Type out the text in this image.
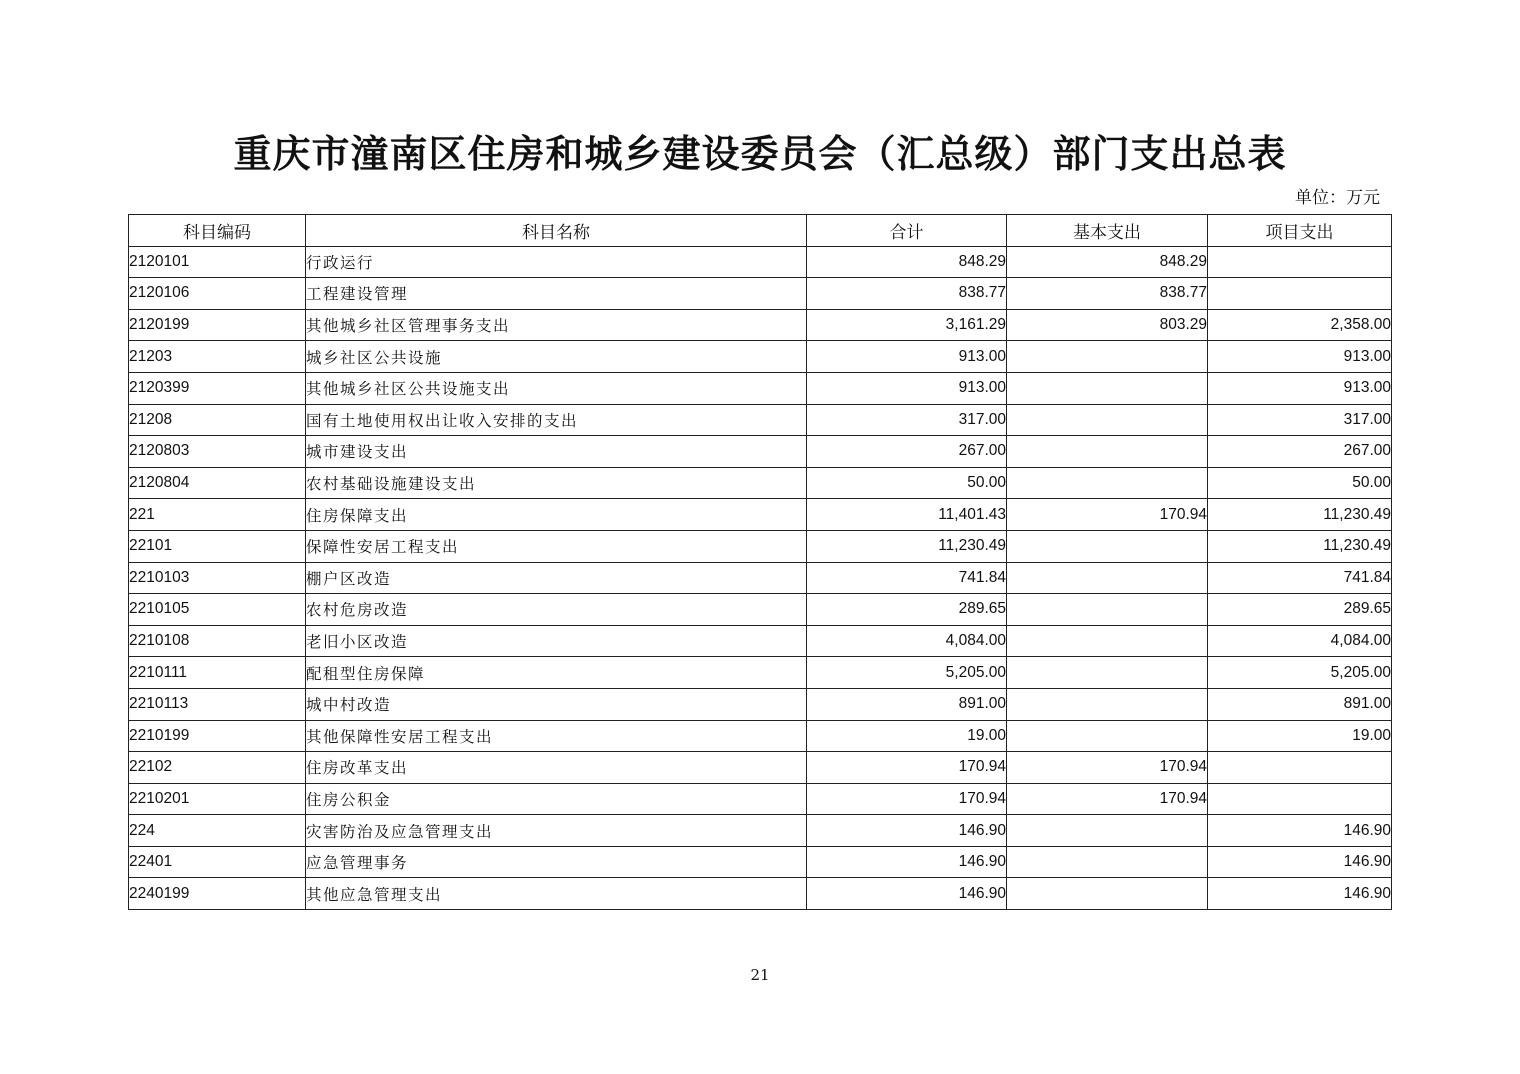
重庆市潼南区住房和城乡建设委员会（汇总级）部门支出总表
单位：万元
科目编码	科目名称	合计	基本支出	项目支出
2120101	行政运行	848.29	848.29	
2120106	工程建设管理	838.77	838.77	
2120199	其他城乡社区管理事务支出	3,161.29	803.29	2,358.00
21203	城乡社区公共设施	913.00		913.00
2120399	其他城乡社区公共设施支出	913.00		913.00
21208	国有土地使用权出让收入安排的支出	317.00		317.00
2120803	城市建设支出	267.00		267.00
2120804	农村基础设施建设支出	50.00		50.00
221	住房保障支出	11,401.43	170.94	11,230.49
22101	保障性安居工程支出	11,230.49		11,230.49
2210103	棚户区改造	741.84		741.84
2210105	农村危房改造	289.65		289.65
2210108	老旧小区改造	4,084.00		4,084.00
2210111	配租型住房保障	5,205.00		5,205.00
2210113	城中村改造	891.00		891.00
2210199	其他保障性安居工程支出	19.00		19.00
22102	住房改革支出	170.94	170.94	
2210201	住房公积金	170.94	170.94	
224	灾害防治及应急管理支出	146.90		146.90
22401	应急管理事务	146.90		146.90
2240199	其他应急管理支出	146.90		146.90
21
